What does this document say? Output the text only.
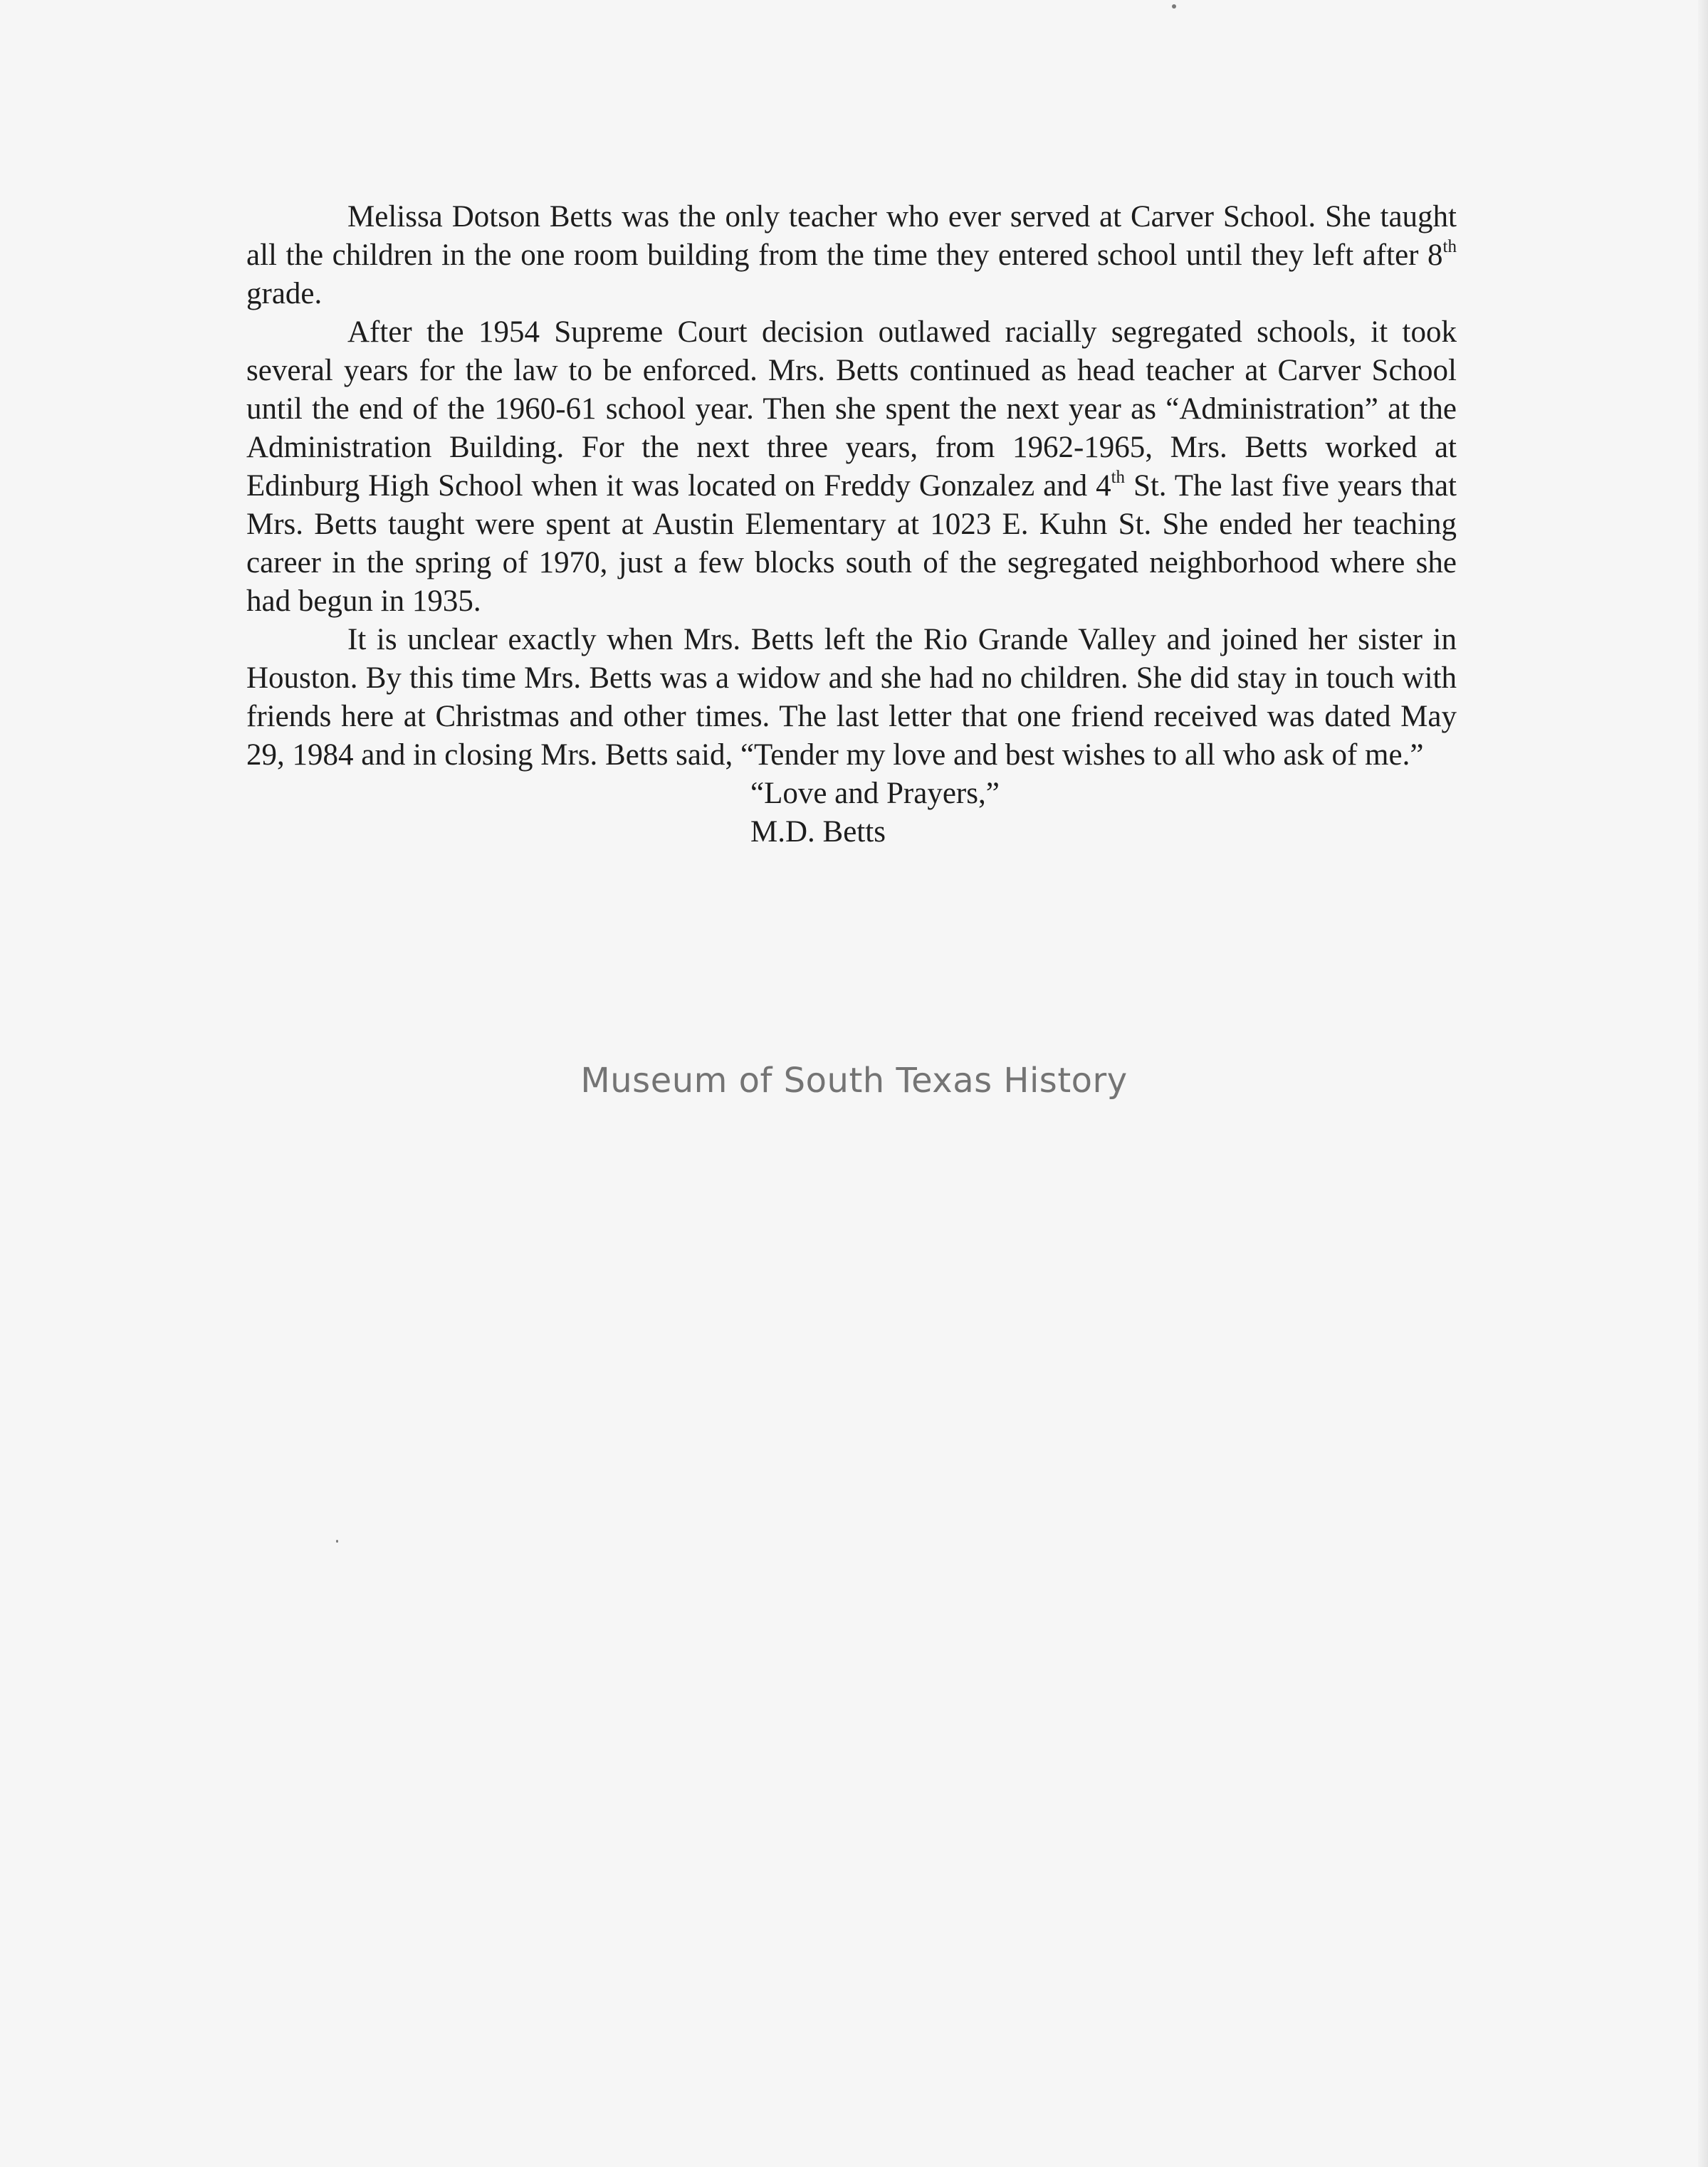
Melissa Dotson Betts was the only teacher who ever served at Carver School. She taught all the children in the one room building from the time they entered school until they left after 8th grade.

After the 1954 Supreme Court decision outlawed racially segregated schools, it took several years for the law to be enforced. Mrs. Betts continued as head teacher at Carver School until the end of the 1960-61 school year. Then she spent the next year as “Administration” at the Administration Building. For the next three years, from 1962-1965, Mrs. Betts worked at Edinburg High School when it was located on Freddy Gonzalez and 4th St. The last five years that Mrs. Betts taught were spent at Austin Elementary at 1023 E. Kuhn St. She ended her teaching career in the spring of 1970, just a few blocks south of the segregated neighborhood where she had begun in 1935.

It is unclear exactly when Mrs. Betts left the Rio Grande Valley and joined her sister in Houston. By this time Mrs. Betts was a widow and she had no children. She did stay in touch with friends here at Christmas and other times. The last letter that one friend received was dated May 29, 1984 and in closing Mrs. Betts said, “Tender my love and best wishes to all who ask of me.”

“Love and Prayers,”

M.D. Betts

Museum of South Texas History
